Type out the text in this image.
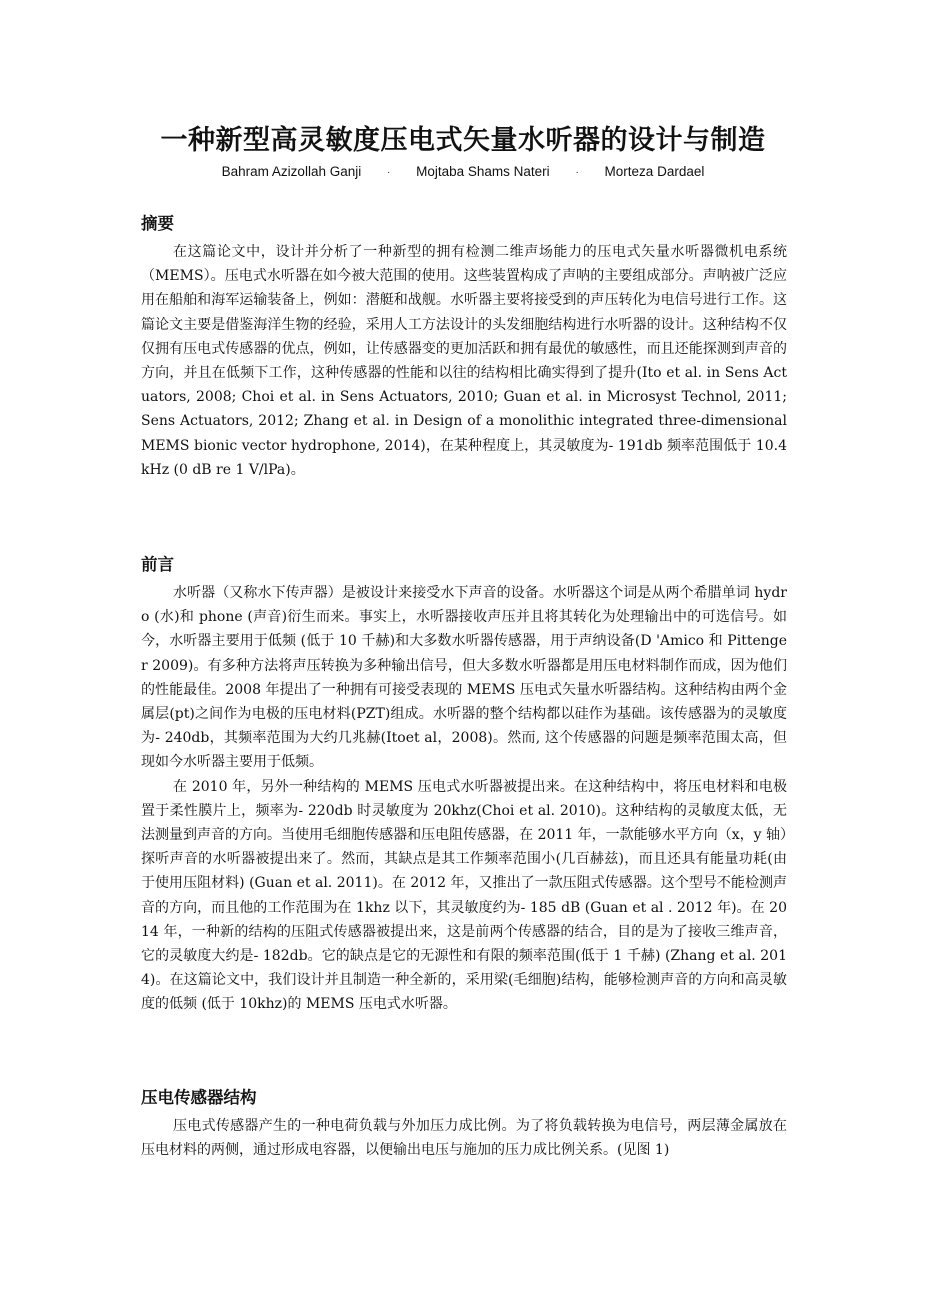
一种新型高灵敏度压电式矢量水听器的设计与制造
Bahram Azizollah Ganji	· Mojtaba Shams Nateri	· Morteza Dardael
摘要

在这篇论文中，设计并分析了一种新型的拥有检测二维声场能力的压电式矢量水听器微机电系统（MEMS）。压电式水听器在如今被大范围的使用。这些装置构成了声呐的主要组成部分。声呐被广泛应用在船舶和海军运输装备上，例如：潜艇和战舰。水听器主要将接受到的声压转化为电信号进行工作。这篇论文主要是借鉴海洋生物的经验，采用人工方法设计的头发细胞结构进行水听器的设计。这种结构不仅仅拥有压电式传感器的优点，例如，让传感器变的更加活跃和拥有最优的敏感性，而且还能探测到声音的方向，并且在低频下工作，这种传感器的性能和以往的结构相比确实得到了提升(Ito et al. in Sens Actuators, 2008; Choi et al. in Sens Actuators, 2010; Guan et al. in Microsyst Technol, 2011; Sens Actuators, 2012; Zhang et al. in Design of a monolithic integrated three-dimensional MEMS bionic vector hydrophone, 2014)，在某种程度上，其灵敏度为- 191db 频率范围低于 10.4 kHz (0 dB re 1 V/lPa)。

前言

水听器（又称水下传声器）是被设计来接受水下声音的设备。水听器这个词是从两个希腊单词 hydro (水)和 phone (声音)衍生而来。事实上，水听器接收声压并且将其转化为处理输出中的可选信号。如今，水听器主要用于低频 (低于 10 千赫)和大多数水听器传感器，用于声纳设备(D 'Amico 和 Pittenger 2009)。有多种方法将声压转换为多种输出信号，但大多数水听器都是用压电材料制作而成，因为他们的性能最佳。2008 年提出了一种拥有可接受表现的 MEMS 压电式矢量水听器结构。这种结构由两个金属层(pt)之间作为电极的压电材料(PZT)组成。水听器的整个结构都以硅作为基础。该传感器为的灵敏度为- 240db，其频率范围为大约几兆赫(Itoet al，2008)。然而, 这个传感器的问题是频率范围太高，但现如今水听器主要用于低频。

在 2010 年，另外一种结构的 MEMS 压电式水听器被提出来。在这种结构中，将压电材料和电极置于柔性膜片上，频率为- 220db 时灵敏度为 20khz(Choi et al. 2010)。这种结构的灵敏度太低，无法测量到声音的方向。当使用毛细胞传感器和压电阻传感器，在 2011 年，一款能够水平方向（x，y 轴）探听声音的水听器被提出来了。然而，其缺点是其工作频率范围小(几百赫兹)，而且还具有能量功耗(由于使用压阻材料) (Guan et al. 2011)。在 2012 年，又推出了一款压阻式传感器。这个型号不能检测声音的方向，而且他的工作范围为在 1khz 以下，其灵敏度约为- 185 dB (Guan et al . 2012 年)。在 2014 年，一种新的结构的压阻式传感器被提出来，这是前两个传感器的结合，目的是为了接收三维声音，它的灵敏度大约是- 182db。它的缺点是它的无源性和有限的频率范围(低于 1 千赫) (Zhang et al. 2014)。在这篇论文中，我们设计并且制造一种全新的，采用梁(毛细胞)结构，能够检测声音的方向和高灵敏度的低频 (低于 10khz)的 MEMS 压电式水听器。

压电传感器结构

压电式传感器产生的一种电荷负载与外加压力成比例。为了将负载转换为电信号，两层薄金属放在压电材料的两侧，通过形成电容器，以便输出电压与施加的压力成比例关系。(见图 1)
